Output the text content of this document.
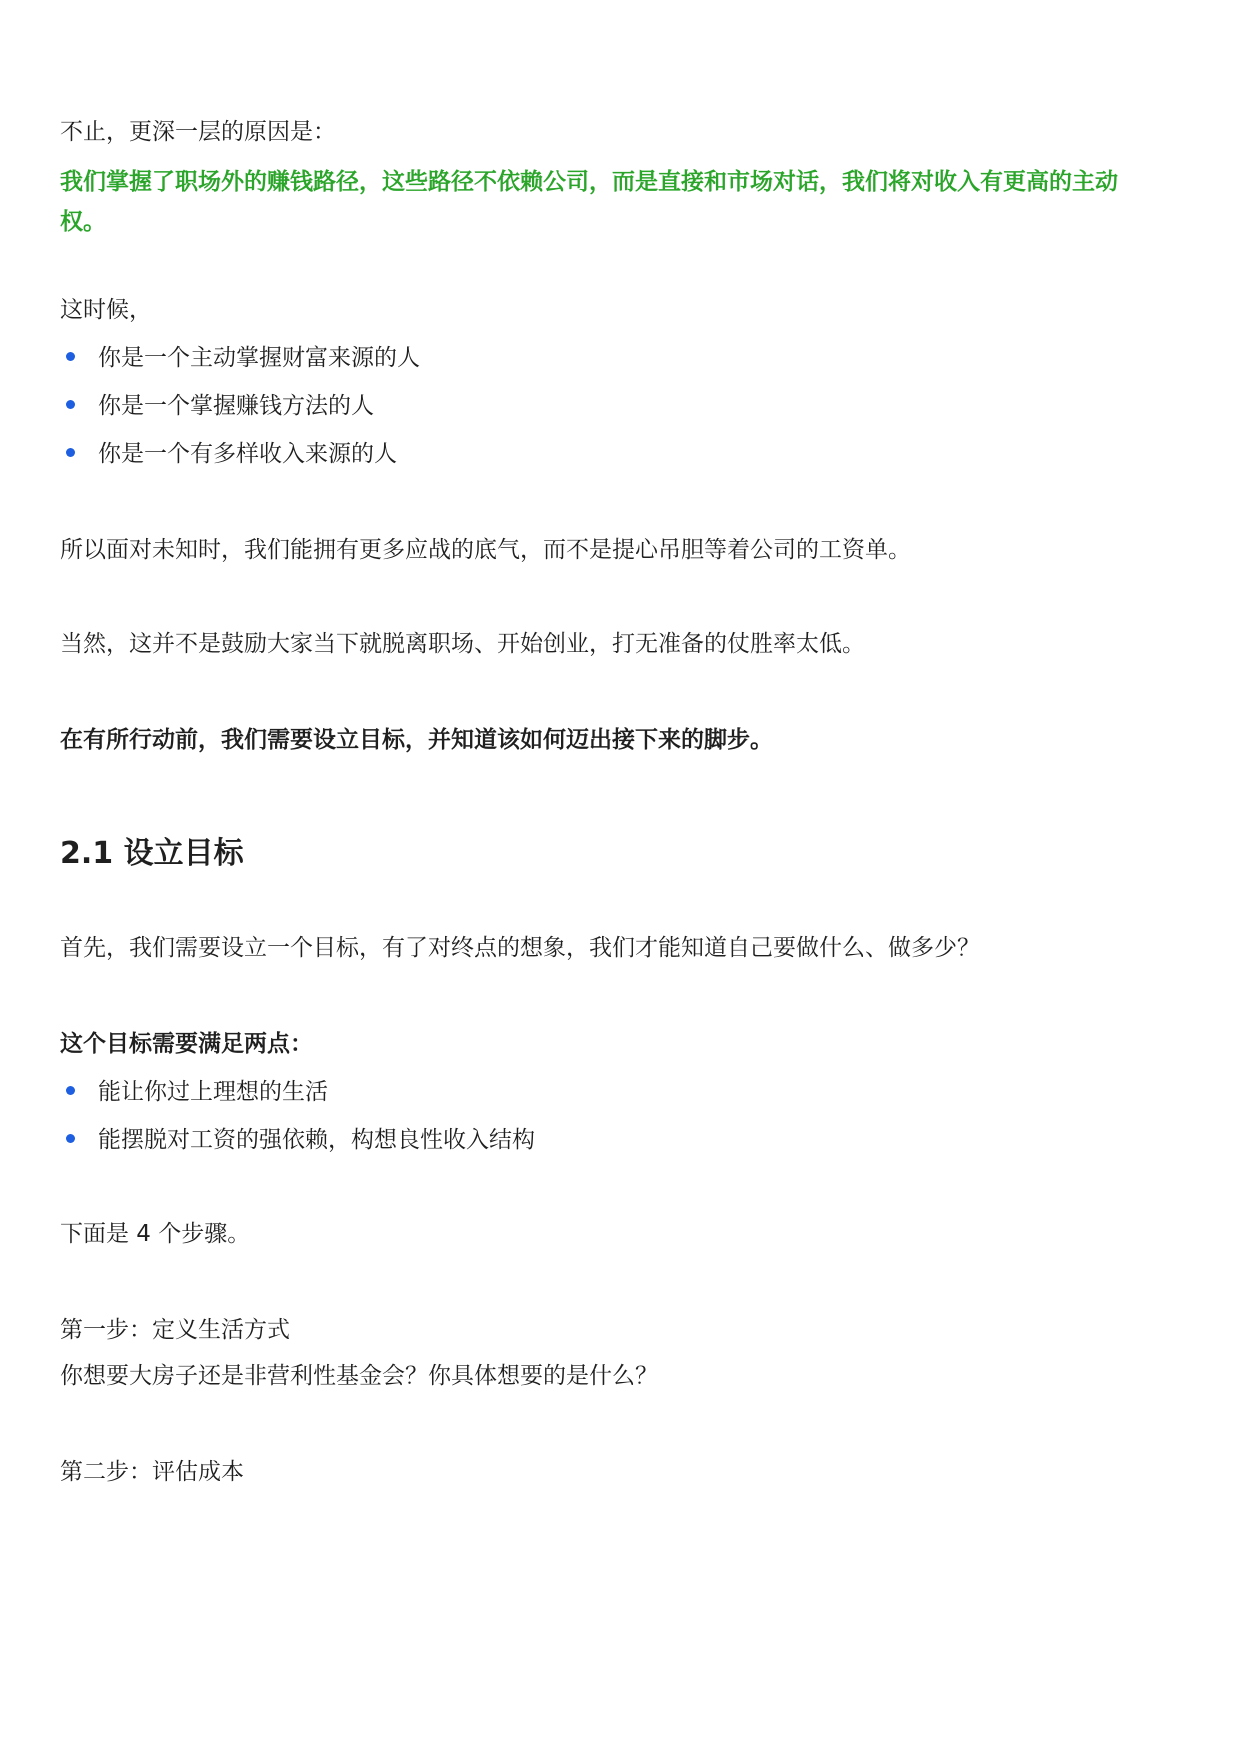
不止，更深一层的原因是：

我们掌握了职场外的赚钱路径，这些路径不依赖公司，而是直接和市场对话，我们将对收入有更高的主动权。

这时候，

你是一个主动掌握财富来源的人
你是一个掌握赚钱方法的人
你是一个有多样收入来源的人

所以面对未知时，我们能拥有更多应战的底气，而不是提心吊胆等着公司的工资单。

当然，这并不是鼓励大家当下就脱离职场、开始创业，打无准备的仗胜率太低。

在有所行动前，我们需要设立目标，并知道该如何迈出接下来的脚步。

2.1 设立目标

首先，我们需要设立一个目标，有了对终点的想象，我们才能知道自己要做什么、做多少？

这个目标需要满足两点：

能让你过上理想的生活
能摆脱对工资的强依赖，构想良性收入结构

下面是 4 个步骤。

第一步：定义生活方式

你想要大房子还是非营利性基金会？你具体想要的是什么？

第二步：评估成本
